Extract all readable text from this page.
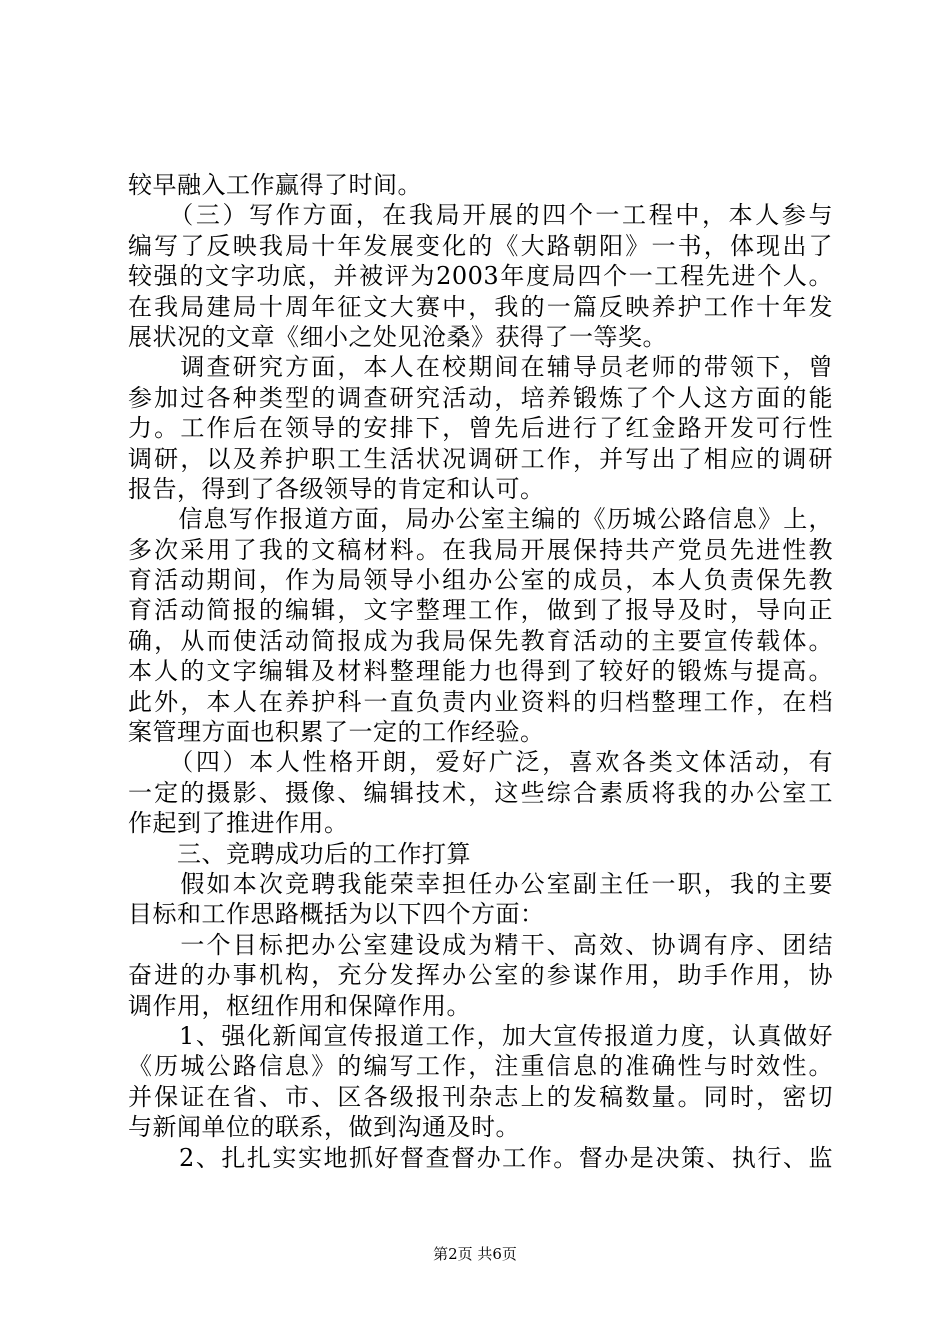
较早融入工作赢得了时间。
　　（三）写作方面，在我局开展的四个一工程中，本人参与
编写了反映我局十年发展变化的《大路朝阳》一书，体现出了
较强的文字功底，并被评为2003年度局四个一工程先进个人。
在我局建局十周年征文大赛中，我的一篇反映养护工作十年发
展状况的文章《细小之处见沧桑》获得了一等奖。
　　调查研究方面，本人在校期间在辅导员老师的带领下，曾
参加过各种类型的调查研究活动，培养锻炼了个人这方面的能
力。工作后在领导的安排下，曾先后进行了红金路开发可行性
调研，以及养护职工生活状况调研工作，并写出了相应的调研
报告，得到了各级领导的肯定和认可。
　　信息写作报道方面，局办公室主编的《历城公路信息》上，
多次采用了我的文稿材料。在我局开展保持共产党员先进性教
育活动期间，作为局领导小组办公室的成员，本人负责保先教
育活动简报的编辑，文字整理工作，做到了报导及时，导向正
确，从而使活动简报成为我局保先教育活动的主要宣传载体。
本人的文字编辑及材料整理能力也得到了较好的锻炼与提高。
此外，本人在养护科一直负责内业资料的归档整理工作，在档
案管理方面也积累了一定的工作经验。
　　（四）本人性格开朗，爱好广泛，喜欢各类文体活动，有
一定的摄影、摄像、编辑技术，这些综合素质将我的办公室工
作起到了推进作用。
　　三、竞聘成功后的工作打算
　　假如本次竞聘我能荣幸担任办公室副主任一职，我的主要
目标和工作思路概括为以下四个方面：
　　一个目标把办公室建设成为精干、高效、协调有序、团结
奋进的办事机构，充分发挥办公室的参谋作用，助手作用，协
调作用，枢纽作用和保障作用。
　　1、强化新闻宣传报道工作，加大宣传报道力度，认真做好
《历城公路信息》的编写工作，注重信息的准确性与时效性。
并保证在省、市、区各级报刊杂志上的发稿数量。同时，密切
与新闻单位的联系，做到沟通及时。
　　2、扎扎实实地抓好督查督办工作。督办是决策、执行、监
第2页 共6页
